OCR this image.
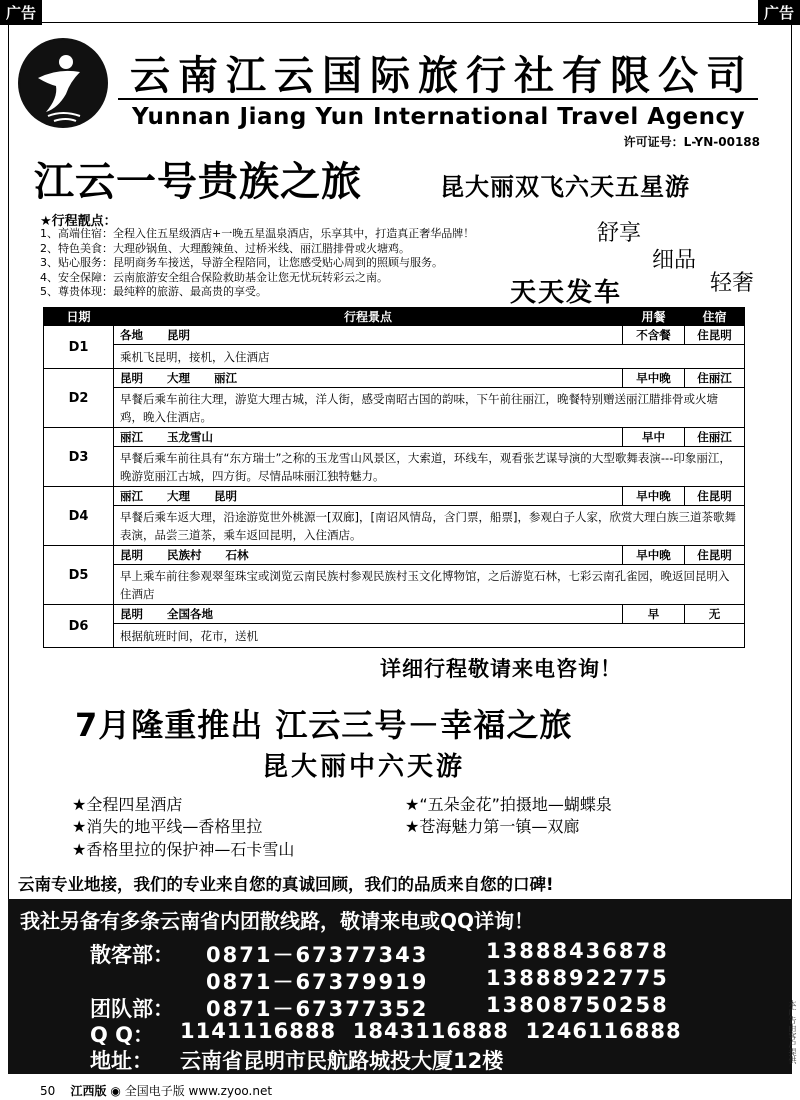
广告	广告
云南江云国际旅行社有限公司
Yunnan Jiang Yun International Travel Agency
许可证号：L-YN-00188
江云一号贵族之旅	昆大丽双飞六天五星游
★行程靓点：
1、高端住宿：全程入住五星级酒店+一晚五星温泉酒店，乐享其中，打造真正奢华品牌！
2、特色美食：大理砂锅鱼、大理酸辣鱼、过桥米线、丽江腊排骨或火塘鸡。
3、贴心服务：昆明商务车接送，导游全程陪同，让您感受贴心周到的照顾与服务。
4、安全保障：云南旅游安全组合保险救助基金让您无忧玩转彩云之南。
5、尊贵体现：最纯粹的旅游、最高贵的享受。
舒享
细品
轻奢
天天发车
日期	行程景点	用餐	住宿
D1	各地 昆明	不含餐	住昆明
	乘机飞昆明，接机，入住酒店		
D2	昆明 大理 丽江	早中晚	住丽江
	早餐后乘车前往大理，游览大理古城，洋人街，感受南昭古国的韵味，下午前往丽江，晚餐特别赠送丽江腊排骨或火塘鸡，晚入住酒店。		
D3	丽江 玉龙雪山	早中	住丽江
	早餐后乘车前往具有“东方瑞士”之称的玉龙雪山风景区，大索道，环线车，观看张艺谋导演的大型歌舞表演---印象丽江，晚游览丽江古城，四方街。尽情品味丽江独特魅力。		
D4	丽江 大理 昆明	早中晚	住昆明
	早餐后乘车返大理，沿途游览世外桃源一[双廊]，[南诏风情岛，含门票，船票]，参观白子人家，欣赏大理白族三道茶歌舞表演，品尝三道茶，乘车返回昆明，入住酒店。		
D5	昆明 民族村 石林	早中晚	住昆明
	早上乘车前往参观翠玺珠宝或浏览云南民族村参观民族村玉文化博物馆，之后游览石林，七彩云南孔雀园，晚返回昆明入住酒店		
D6	昆明 全国各地	早	无
	根据航班时间，花市，送机		
详细行程敬请来电咨询！
7月隆重推出 江云三号－幸福之旅
昆大丽中六天游
★全程四星酒店	★“五朵金花”拍摄地—蝴蝶泉
★消失的地平线—香格里拉	★苍海魅力第一镇—双廊
★香格里拉的保护神—石卡雪山
云南专业地接，我们的专业来自您的真诚回顾，我们的品质来自您的口碑!
我社另备有多条云南省内团散线路，敬请来电或QQ详询！
散客部： 0871－67377343	13888436878
0871－67379919	13888922775
团队部： 0871－67377352	13808750258
Q Q： 1141116888  1843116888  1246116888
地址： 云南省昆明市民航路城投大厦12楼
50 江西版 ◉ 全国电子版 www.zyoo.net
本广告由客户提供
